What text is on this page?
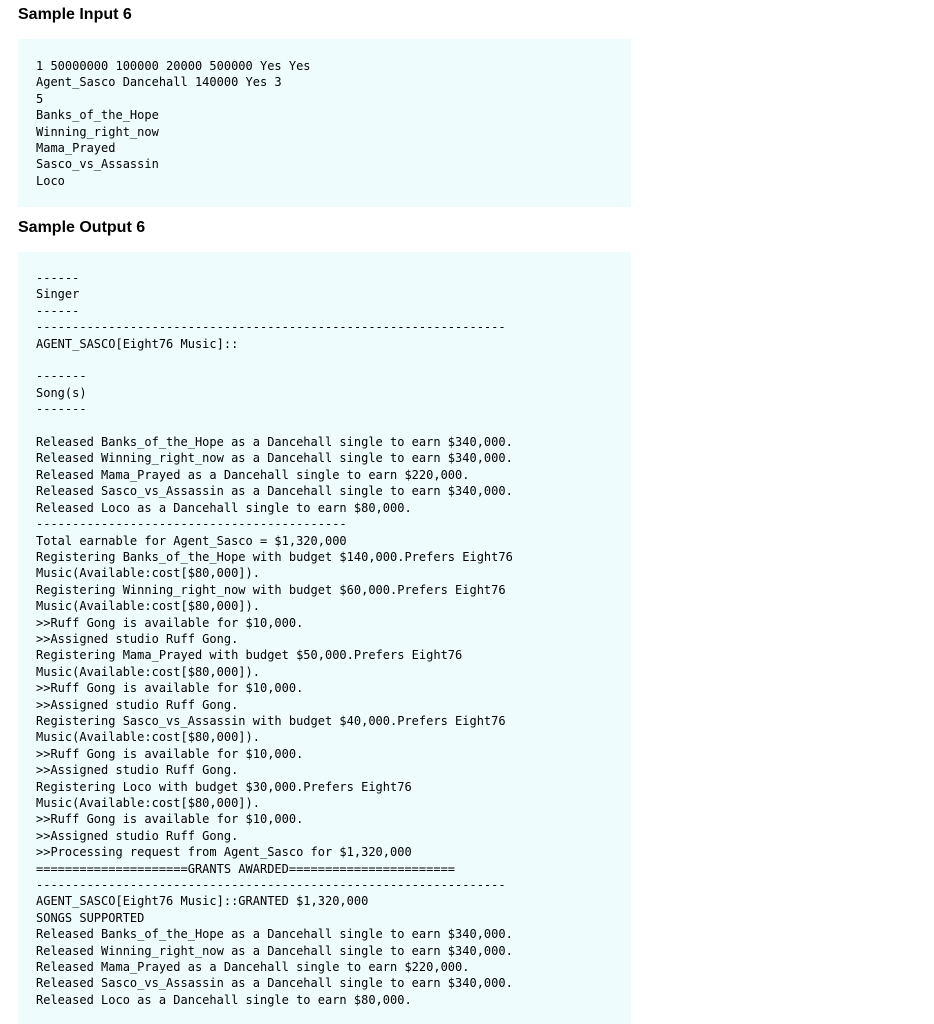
Sample Input 6
1 50000000 100000 20000 500000 Yes Yes
Agent_Sasco Dancehall 140000 Yes 3
5
Banks_of_the_Hope
Winning_right_now
Mama_Prayed
Sasco_vs_Assassin
Loco
Sample Output 6
------
Singer
------
-----------------------------------------------------------------
AGENT_SASCO[Eight76 Music]::

-------
Song(s)
-------

Released Banks_of_the_Hope as a Dancehall single to earn $340,000.
Released Winning_right_now as a Dancehall single to earn $340,000.
Released Mama_Prayed as a Dancehall single to earn $220,000.
Released Sasco_vs_Assassin as a Dancehall single to earn $340,000.
Released Loco as a Dancehall single to earn $80,000.
-------------------------------------------
Total earnable for Agent_Sasco = $1,320,000
Registering Banks_of_the_Hope with budget $140,000.Prefers Eight76
Music(Available:cost[$80,000]).
Registering Winning_right_now with budget $60,000.Prefers Eight76
Music(Available:cost[$80,000]).
>>Ruff Gong is available for $10,000.
>>Assigned studio Ruff Gong.
Registering Mama_Prayed with budget $50,000.Prefers Eight76
Music(Available:cost[$80,000]).
>>Ruff Gong is available for $10,000.
>>Assigned studio Ruff Gong.
Registering Sasco_vs_Assassin with budget $40,000.Prefers Eight76
Music(Available:cost[$80,000]).
>>Ruff Gong is available for $10,000.
>>Assigned studio Ruff Gong.
Registering Loco with budget $30,000.Prefers Eight76
Music(Available:cost[$80,000]).
>>Ruff Gong is available for $10,000.
>>Assigned studio Ruff Gong.
>>Processing request from Agent_Sasco for $1,320,000
=====================GRANTS AWARDED=======================
-----------------------------------------------------------------
AGENT_SASCO[Eight76 Music]::GRANTED $1,320,000
SONGS SUPPORTED
Released Banks_of_the_Hope as a Dancehall single to earn $340,000.
Released Winning_right_now as a Dancehall single to earn $340,000.
Released Mama_Prayed as a Dancehall single to earn $220,000.
Released Sasco_vs_Assassin as a Dancehall single to earn $340,000.
Released Loco as a Dancehall single to earn $80,000.
